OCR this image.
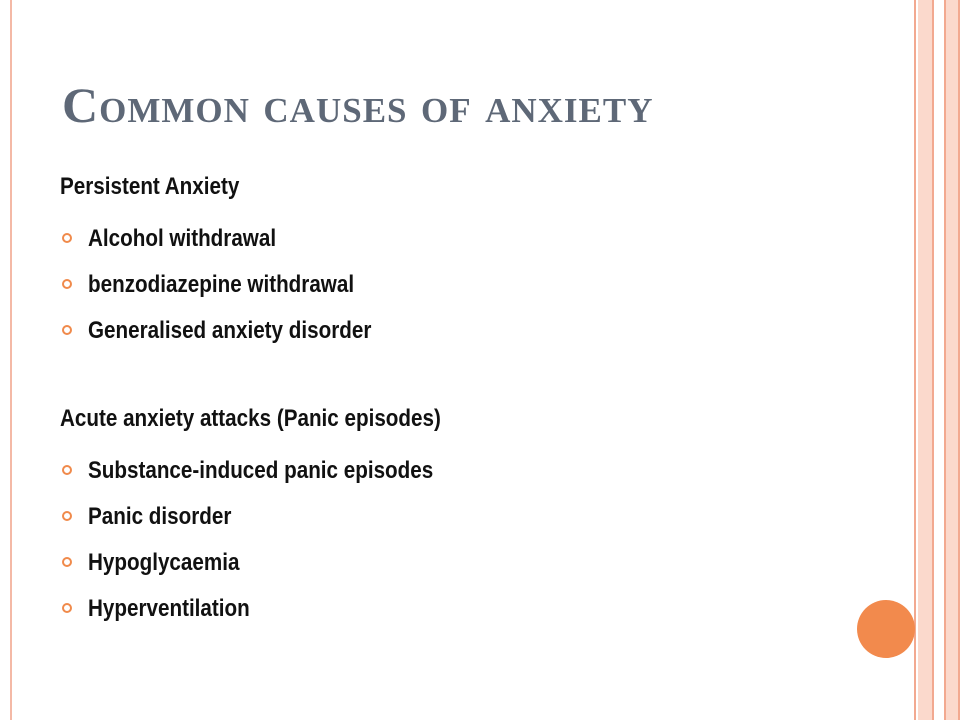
Common causes of anxiety

Persistent Anxiety

Alcohol withdrawal
benzodiazepine withdrawal
Generalised anxiety disorder

Acute anxiety attacks (Panic episodes)

Substance-induced panic episodes
Panic disorder
Hypoglycaemia
Hyperventilation
